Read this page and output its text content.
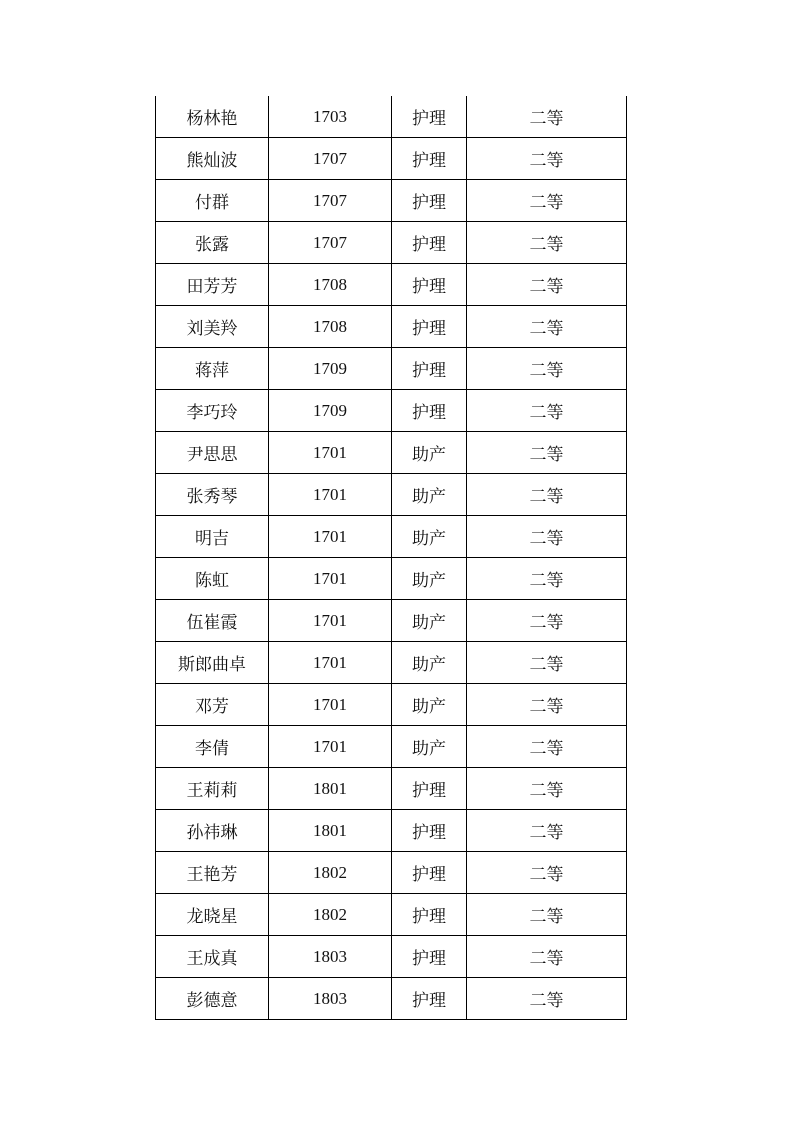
杨林艳	1703	护理	二等
熊灿波	1707	护理	二等
付群	1707	护理	二等
张露	1707	护理	二等
田芳芳	1708	护理	二等
刘美羚	1708	护理	二等
蒋萍	1709	护理	二等
李巧玲	1709	护理	二等
尹思思	1701	助产	二等
张秀琴	1701	助产	二等
明吉	1701	助产	二等
陈虹	1701	助产	二等
伍崔霞	1701	助产	二等
斯郎曲卓	1701	助产	二等
邓芳	1701	助产	二等
李倩	1701	助产	二等
王莉莉	1801	护理	二等
孙祎琳	1801	护理	二等
王艳芳	1802	护理	二等
龙晓星	1802	护理	二等
王成真	1803	护理	二等
彭德意	1803	护理	二等
